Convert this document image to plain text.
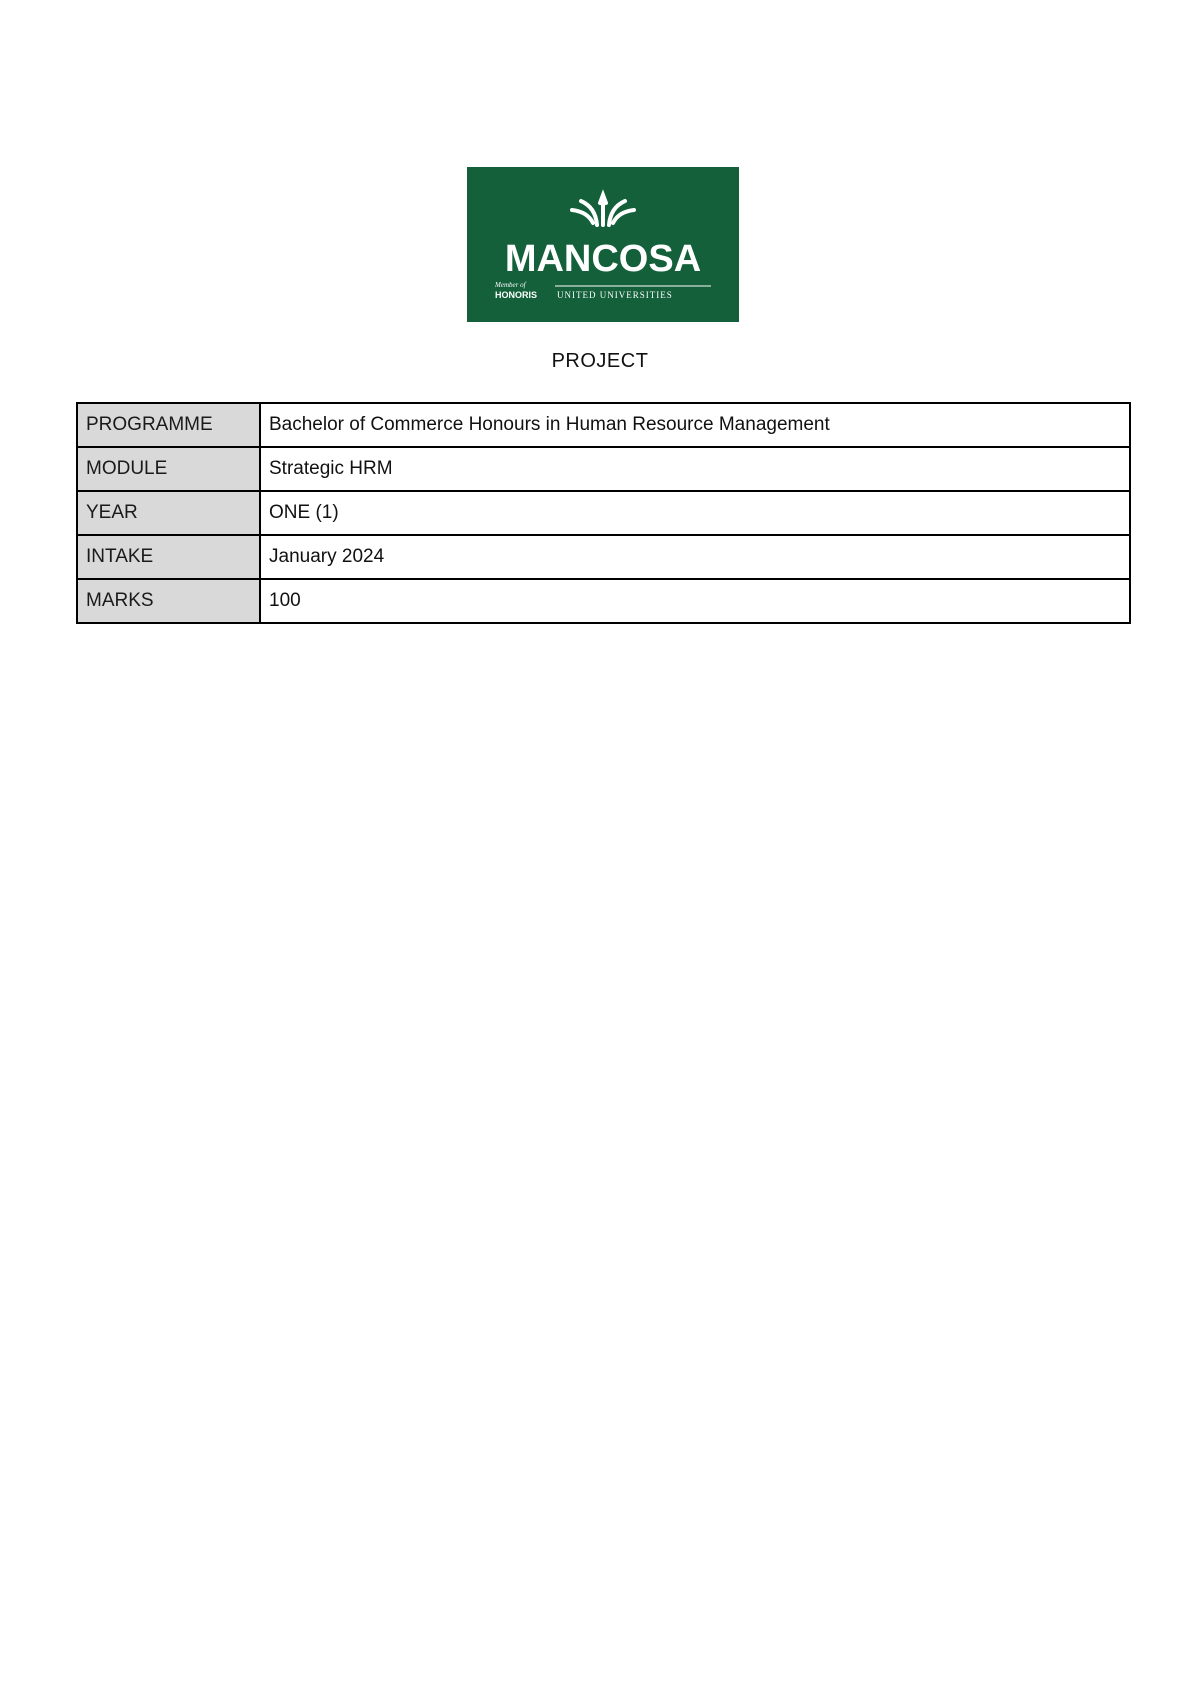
MANCOSA
Member of
HONORIS UNITED UNIVERSITIES
PROJECT
PROGRAMME	Bachelor of Commerce Honours in Human Resource Management
MODULE	Strategic HRM
YEAR	ONE (1)
INTAKE	January 2024
MARKS	100
